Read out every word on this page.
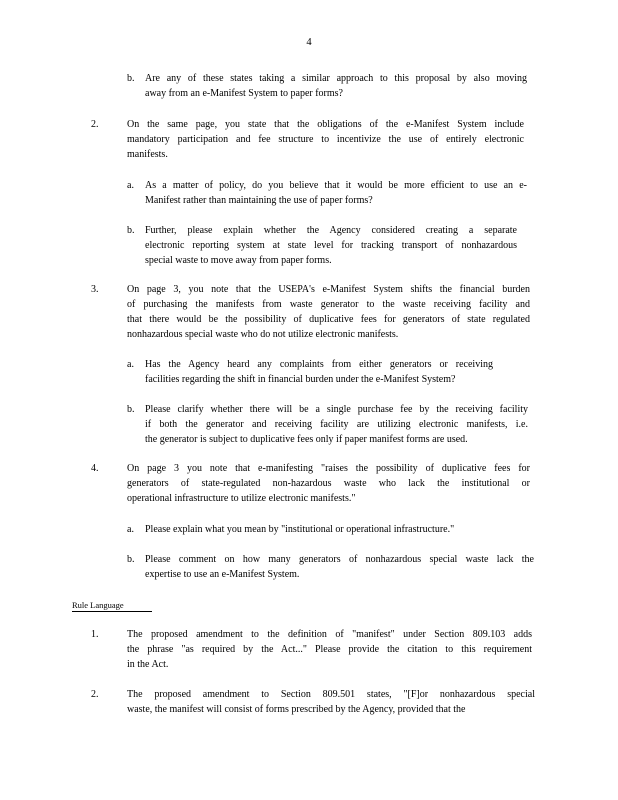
4
b. Are any of these states taking a similar approach to this proposal by also moving
away from an e-Manifest System to paper forms?
2.	On the same page, you state that the obligations of the e-Manifest System include
mandatory participation and fee structure to incentivize the use of entirely electronic
manifests.
a. As a matter of policy, do you believe that it would be more efficient to use an e-
Manifest rather than maintaining the use of paper forms?
b. Further, please explain whether the Agency considered creating a separate
electronic reporting system at state level for tracking transport of nonhazardous
special waste to move away from paper forms.
3.	On page 3, you note that the USEPA's e-Manifest System shifts the financial burden
of purchasing the manifests from waste generator to the waste receiving facility and
that there would be the possibility of duplicative fees for generators of state regulated
nonhazardous special waste who do not utilize electronic manifests.
a. Has the Agency heard any complaints from either generators or receiving
facilities regarding the shift in financial burden under the e-Manifest System?
b. Please clarify whether there will be a single purchase fee by the receiving facility
if both the generator and receiving facility are utilizing electronic manifests, i.e.
the generator is subject to duplicative fees only if paper manifest forms are used.
4.	On page 3 you note that e-manifesting "raises the possibility of duplicative fees for
generators of state-regulated non-hazardous waste who lack the institutional or
operational infrastructure to utilize electronic manifests."
a. Please explain what you mean by "institutional or operational infrastructure."
b. Please comment on how many generators of nonhazardous special waste lack the
expertise to use an e-Manifest System.
1.	The proposed amendment to the definition of "manifest" under Section 809.103 adds
the phrase "as required by the Act..." Please provide the citation to this requirement
in the Act.
2.	The proposed amendment to Section 809.501 states, "[F]or nonhazardous special
waste, the manifest will consist of forms prescribed by the Agency, provided that the
Rule Language
